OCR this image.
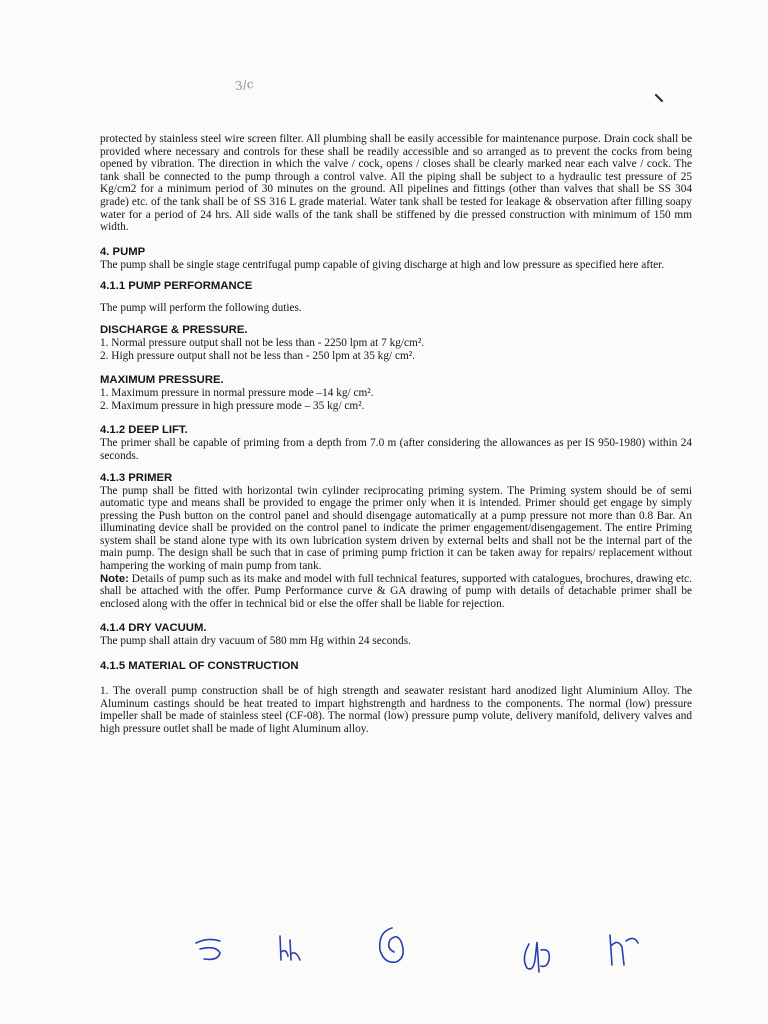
3/c

protected by stainless steel wire screen filter. All plumbing shall be easily accessible for maintenance purpose. Drain cock shall be provided where necessary and controls for these shall be readily accessible and so arranged as to prevent the cocks from being opened by vibration. The direction in which the valve / cock, opens / closes shall be clearly marked near each valve / cock. The tank shall be connected to the pump through a control valve. All the piping shall be subject to a hydraulic test pressure of 25 Kg/cm2 for a minimum period of 30 minutes on the ground. All pipelines and fittings (other than valves that shall be SS 304 grade) etc. of the tank shall be of SS 316 L grade material. Water tank shall be tested for leakage & observation after filling soapy water for a period of 24 hrs. All side walls of the tank shall be stiffened by die pressed construction with minimum of 150 mm width.

4. PUMP

The pump shall be single stage centrifugal pump capable of giving discharge at high and low pressure as specified here after.

4.1.1 PUMP PERFORMANCE

The pump will perform the following duties.

DISCHARGE & PRESSURE.
1. Normal pressure output shall not be less than - 2250 lpm at 7 kg/cm².
2. High pressure output shall not be less than - 250 lpm at 35 kg/ cm².
MAXIMUM PRESSURE.
1. Maximum pressure in normal pressure mode –14 kg/ cm².
2. Maximum pressure in high pressure mode – 35 kg/ cm².
4.1.2 DEEP LIFT.

The primer shall be capable of priming from a depth from 7.0 m (after considering the allowances as per IS 950-1980) within 24 seconds.

4.1.3 PRIMER

The pump shall be fitted with horizontal twin cylinder reciprocating priming system. The Priming system should be of semi automatic type and means shall be provided to engage the primer only when it is intended. Primer should get engage by simply pressing the Push button on the control panel and should disengage automatically at a pump pressure not more than 0.8 Bar. An illuminating device shall be provided on the control panel to indicate the primer engagement/disengagement. The entire Priming system shall be stand alone type with its own lubrication system driven by external belts and shall not be the internal part of the main pump. The design shall be such that in case of priming pump friction it can be taken away for repairs/ replacement without hampering the working of main pump from tank.

Note: Details of pump such as its make and model with full technical features, supported with catalogues, brochures, drawing etc. shall be attached with the offer. Pump Performance curve & GA drawing of pump with details of detachable primer shall be enclosed along with the offer in technical bid or else the offer shall be liable for rejection.

4.1.4 DRY VACUUM.

The pump shall attain dry vacuum of 580 mm Hg within 24 seconds.

4.1.5 MATERIAL OF CONSTRUCTION

1. The overall pump construction shall be of high strength and seawater resistant hard anodized light Aluminium Alloy. The Aluminum castings should be heat treated to impart highstrength and hardness to the components. The normal (low) pressure impeller shall be made of stainless steel (CF-08). The normal (low) pressure pump volute, delivery manifold, delivery valves and high pressure outlet shall be made of light Aluminum alloy.
